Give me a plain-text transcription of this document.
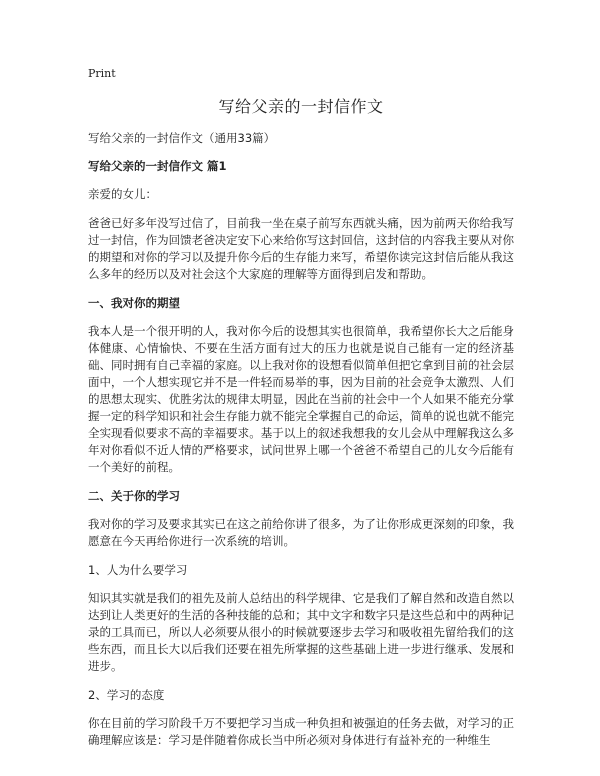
Print
写给父亲的一封信作文

写给父亲的一封信作文（通用33篇）

写给父亲的一封信作文 篇1

亲爱的女儿：

爸爸已好多年没写过信了，目前我一坐在桌子前写东西就头痛，因为前两天你给我写过一封信，作为回馈老爸决定安下心来给你写这封回信，这封信的内容我主要从对你的期望和对你的学习以及提升你今后的生存能力来写，希望你读完这封信后能从我这么多年的经历以及对社会这个大家庭的理解等方面得到启发和帮助。

一、我对你的期望

我本人是一个很开明的人，我对你今后的设想其实也很简单，我希望你长大之后能身体健康、心情愉快、不要在生活方面有过大的压力也就是说自己能有一定的经济基础、同时拥有自己幸福的家庭。以上我对你的设想看似简单但把它拿到目前的社会层面中，一个人想实现它并不是一件轻而易举的事，因为目前的社会竞争太激烈、人们的思想太现实、优胜劣汰的规律太明显，因此在当前的社会中一个人如果不能充分掌握一定的科学知识和社会生存能力就不能完全掌握自己的命运，简单的说也就不能完全实现看似要求不高的幸福要求。基于以上的叙述我想我的女儿会从中理解我这么多年对你看似不近人情的严格要求，试问世界上哪一个爸爸不希望自己的儿女今后能有一个美好的前程。

二、关于你的学习

我对你的学习及要求其实已在这之前给你讲了很多，为了让你形成更深刻的印象，我愿意在今天再给你进行一次系统的培训。

1、人为什么要学习

知识其实就是我们的祖先及前人总结出的科学规律、它是我们了解自然和改造自然以达到让人类更好的生活的各种技能的总和；其中文字和数字只是这些总和中的两种记录的工具而已，所以人必须要从很小的时候就要逐步去学习和吸收祖先留给我们的这些东西，而且长大以后我们还要在祖先所掌握的这些基础上进一步进行继承、发展和进步。

2、学习的态度

你在目前的学习阶段千万不要把学习当成一种负担和被强迫的任务去做，对学习的正确理解应该是：学习是伴随着你成长当中所必须对身体进行有益补充的一种维生
